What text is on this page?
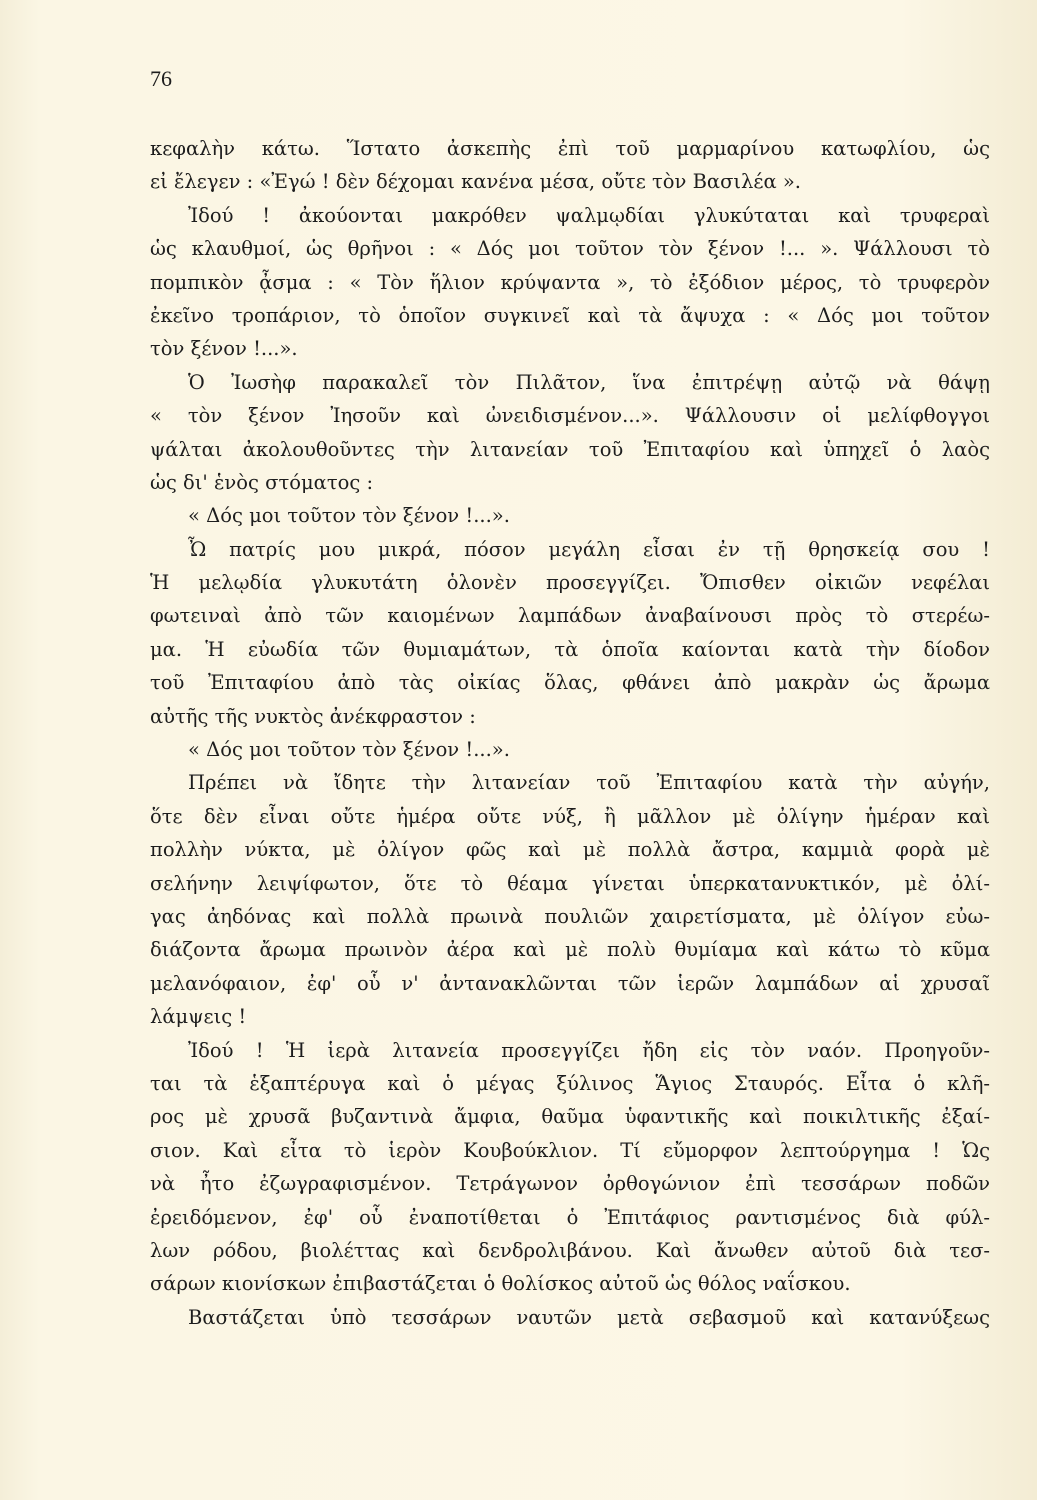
76
κεφαλὴν κάτω. Ἵστατο ἀσκεπὴς ἐπὶ τοῦ μαρμαρίνου κατωφλίου, ὡς
εἰ ἔλεγεν : «Ἐγώ ! δὲν δέχομαι κανένα μέσα, οὔτε τὸν Βασιλέα ».
Ἰδού ! ἀκούονται μακρόθεν ψαλμῳδίαι γλυκύταται καὶ τρυφεραὶ
ὡς κλαυθμοί, ὡς θρῆνοι : « Δός μοι τοῦτον τὸν ξένον !... ». Ψάλλουσι τὸ
πομπικὸν ᾆσμα : « Τὸν ἥλιον κρύψαντα », τὸ ἐξόδιον μέρος, τὸ τρυφερὸν
ἐκεῖνο τροπάριον, τὸ ὁποῖον συγκινεῖ καὶ τὰ ἄψυχα : « Δός μοι τοῦτον
τὸν ξένον !...».
Ὁ Ἰωσὴφ παρακαλεῖ τὸν Πιλᾶτον, ἵνα ἐπιτρέψῃ αὐτῷ νὰ θάψῃ
« τὸν ξένον Ἰησοῦν καὶ ὠνειδισμένον...». Ψάλλουσιν οἱ μελίφθογγοι
ψάλται ἀκολουθοῦντες τὴν λιτανείαν τοῦ Ἐπιταφίου καὶ ὑπηχεῖ ὁ λαὸς
ὡς δι' ἑνὸς στόματος :
« Δός μοι τοῦτον τὸν ξένον !...».
Ὦ πατρίς μου μικρά, πόσον μεγάλη εἶσαι ἐν τῇ θρησκείᾳ σου !
Ἡ μελῳδία γλυκυτάτη ὁλονὲν προσεγγίζει. Ὄπισθεν οἰκιῶν νεφέλαι
φωτειναὶ ἀπὸ τῶν καιομένων λαμπάδων ἀναβαίνουσι πρὸς τὸ στερέω-
μα. Ἡ εὐωδία τῶν θυμιαμάτων, τὰ ὁποῖα καίονται κατὰ τὴν δίοδον
τοῦ Ἐπιταφίου ἀπὸ τὰς οἰκίας ὅλας, φθάνει ἀπὸ μακρὰν ὡς ἄρωμα
αὐτῆς τῆς νυκτὸς ἀνέκφραστον :
« Δός μοι τοῦτον τὸν ξένον !...».
Πρέπει νὰ ἴδητε τὴν λιτανείαν τοῦ Ἐπιταφίου κατὰ τὴν αὐγήν,
ὅτε δὲν εἶναι οὔτε ἡμέρα οὔτε νύξ, ἢ μᾶλλον μὲ ὀλίγην ἡμέραν καὶ
πολλὴν νύκτα, μὲ ὀλίγον φῶς καὶ μὲ πολλὰ ἄστρα, καμμιὰ φορὰ μὲ
σελήνην λειψίφωτον, ὅτε τὸ θέαμα γίνεται ὑπερκατανυκτικόν, μὲ ὀλί-
γας ἀηδόνας καὶ πολλὰ πρωινὰ πουλιῶν χαιρετίσματα, μὲ ὀλίγον εὐω-
διάζοντα ἄρωμα πρωινὸν ἀέρα καὶ μὲ πολὺ θυμίαμα καὶ κάτω τὸ κῦμα
μελανόφαιον, ἐφ' οὗ ν' ἀντανακλῶνται τῶν ἱερῶν λαμπάδων αἱ χρυσαῖ
λάμψεις !
Ἰδού ! Ἡ ἱερὰ λιτανεία προσεγγίζει ἤδη εἰς τὸν ναόν. Προηγοῦν-
ται τὰ ἑξαπτέρυγα καὶ ὁ μέγας ξύλινος Ἅγιος Σταυρός. Εἶτα ὁ κλῆ-
ρος μὲ χρυσᾶ βυζαντινὰ ἄμφια, θαῦμα ὑφαντικῆς καὶ ποικιλτικῆς ἐξαί-
σιον. Καὶ εἶτα τὸ ἱερὸν Κουβούκλιον. Τί εὔμορφον λεπτούργημα ! Ὡς
νὰ ἦτο ἐζωγραφισμένον. Τετράγωνον ὀρθογώνιον ἐπὶ τεσσάρων ποδῶν
ἐρειδόμενον, ἐφ' οὗ ἐναποτίθεται ὁ Ἐπιτάφιος ραντισμένος διὰ φύλ-
λων ρόδου, βιολέττας καὶ δενδρολιβάνου. Καὶ ἄνωθεν αὐτοῦ διὰ τεσ-
σάρων κιονίσκων ἐπιβαστάζεται ὁ θολίσκος αὐτοῦ ὡς θόλος ναΐσκου.
Βαστάζεται ὑπὸ τεσσάρων ναυτῶν μετὰ σεβασμοῦ καὶ κατανύξεως
